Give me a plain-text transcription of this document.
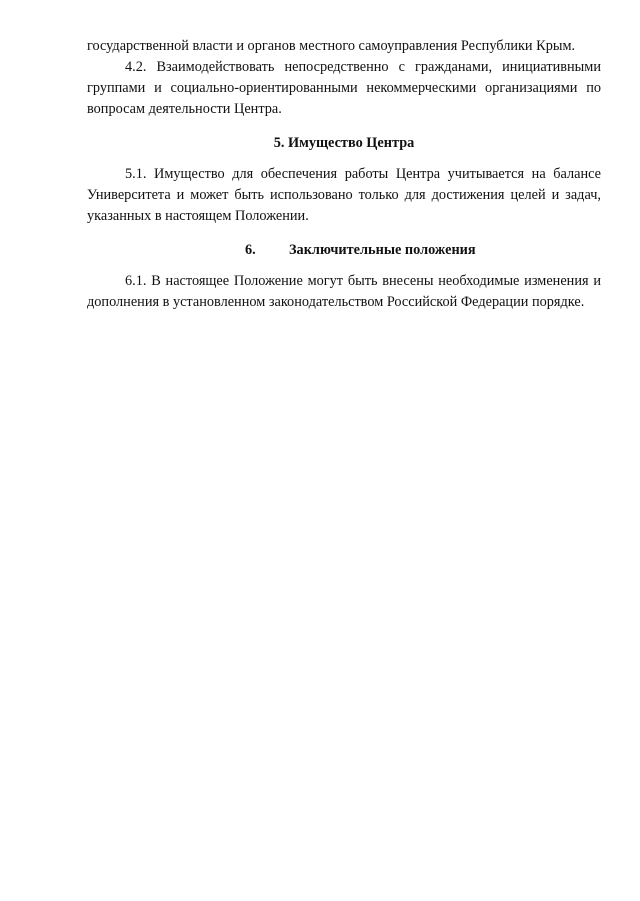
государственной власти и органов местного самоуправления Республики Крым.

4.2. Взаимодействовать непосредственно с гражданами, инициативными группами и социально-ориентированными некоммерческими организациями по вопросам деятельности Центра.

5. Имущество Центра

5.1. Имущество для обеспечения работы Центра учитывается на балансе Университета и может быть использовано только для достижения целей и задач, указанных в настоящем Положении.

6. Заключительные положения

6.1. В настоящее Положение могут быть внесены необходимые изменения и дополнения в установленном законодательством Российской Федерации порядке.
